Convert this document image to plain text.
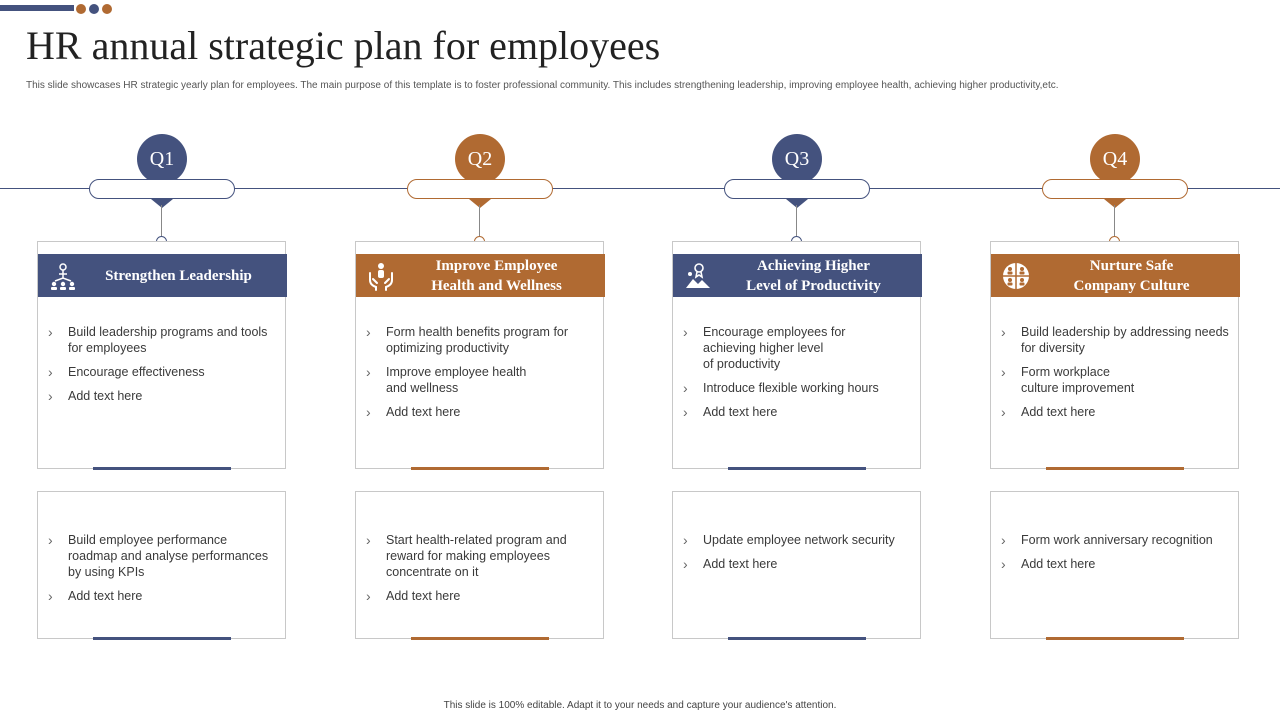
HR annual strategic plan for employees
This slide showcases HR strategic yearly plan for employees. The main purpose of this template is to foster professional community. This includes strengthening leadership, improving employee health, achieving higher productivity,etc.
Q1
Strengthen Leadership
› Build leadership programs and tools for employees
› Encourage effectiveness
› Add text here
› Build employee performance roadmap and analyse performances by using KPIs
› Add text here
Q2
Improve Employee
Health and Wellness
› Form health benefits program for optimizing productivity
› Improve employee health
and wellness
› Add text here
› Start health-related program and reward for making employees concentrate on it
› Add text here
Q3
Achieving Higher
Level of Productivity
› Encourage employees for
achieving higher level
of productivity
› Introduce flexible working hours
› Add text here
› Update employee network security
› Add text here
Q4
Nurture Safe
Company Culture
› Build leadership by addressing needs for diversity
› Form workplace
culture improvement
› Add text here
› Form work anniversary recognition
› Add text here
This slide is 100% editable. Adapt it to your needs and capture your audience's attention.
